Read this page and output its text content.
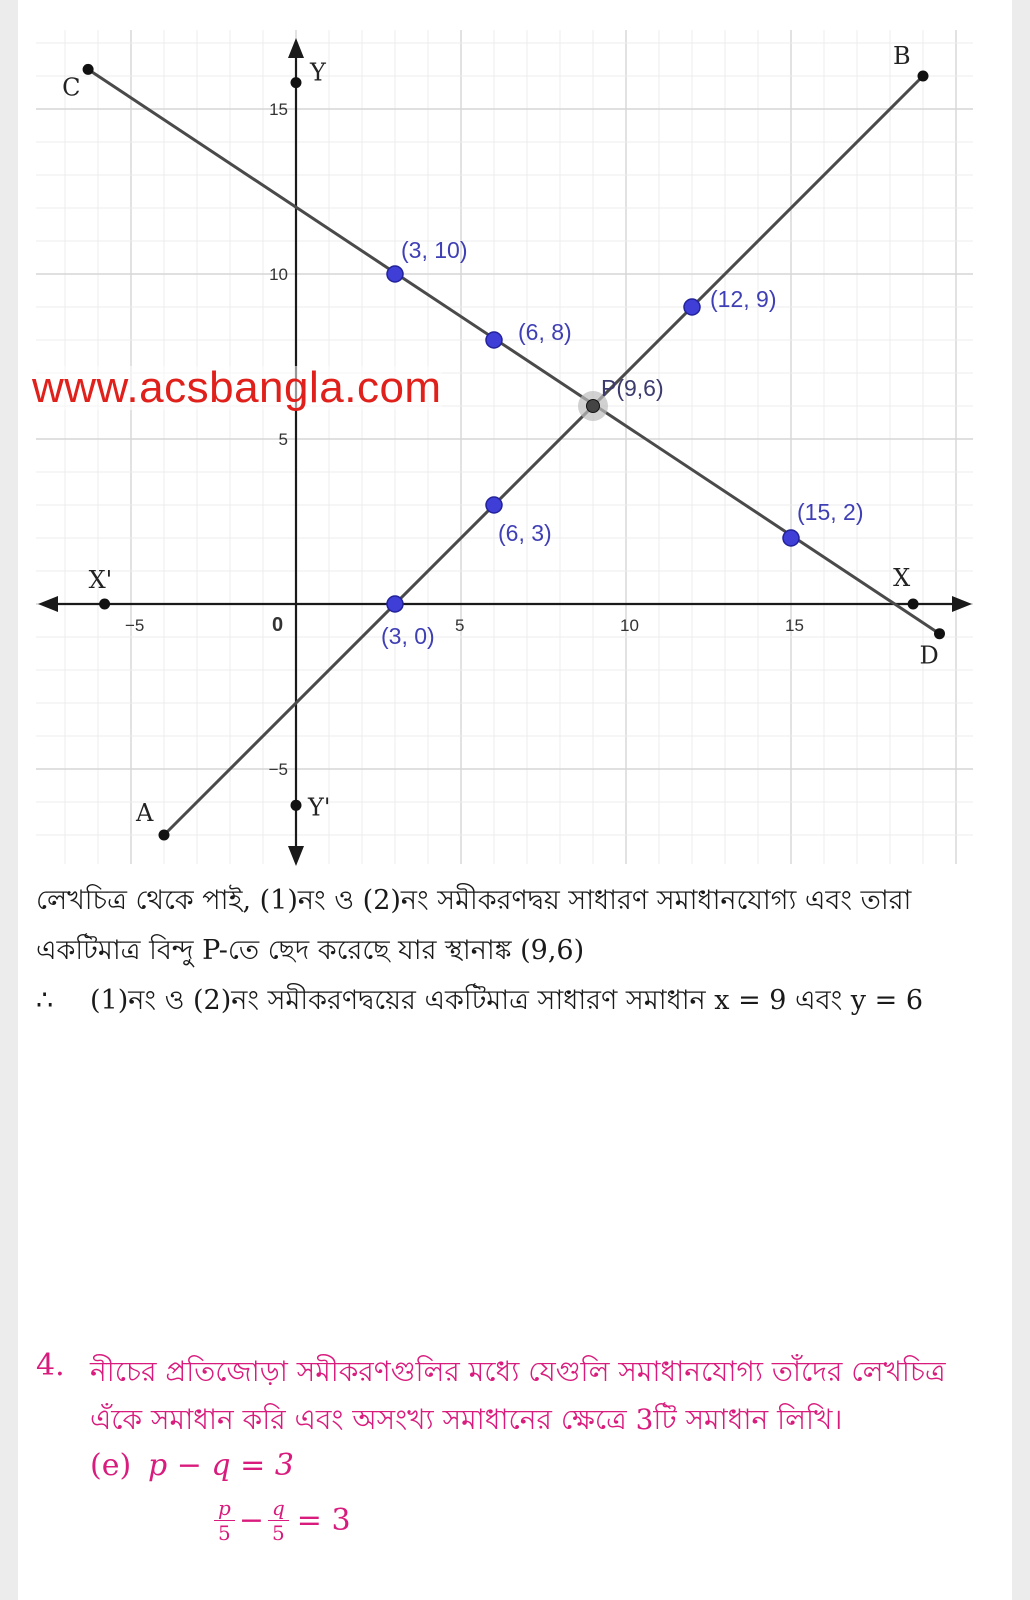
−5	0	5	10	15
−5
5
10
15
A
B
C
D
X
X'
Y
Y'
(3, 10)
(6, 8)
(12, 9)
(6, 3)
(15, 2)
(3, 0)
P(9,6)
www.acsbangla.com
লেখচিত্র থেকে পাই, (1)নং ও (2)নং সমীকরণদ্বয় সাধারণ সমাধানযোগ্য এবং তারা
একটিমাত্র বিন্দু P-তে ছেদ করেছে যার স্থানাঙ্ক (9,6)
∴ (1)নং ও (2)নং সমীকরণদ্বয়ের একটিমাত্র সাধারণ সমাধান x = 9 এবং y = 6
4. নীচের প্রতিজোড়া সমীকরণগুলির মধ্যে যেগুলি সমাধানযোগ্য তাঁদের লেখচিত্র এঁকে সমাধান করি এবং অসংখ্য সমাধানের ক্ষেত্রে 3টি সমাধান লিখি।
(e) p − q = 3
$\frac{p}{5} - \frac{q}{5} = 3$
